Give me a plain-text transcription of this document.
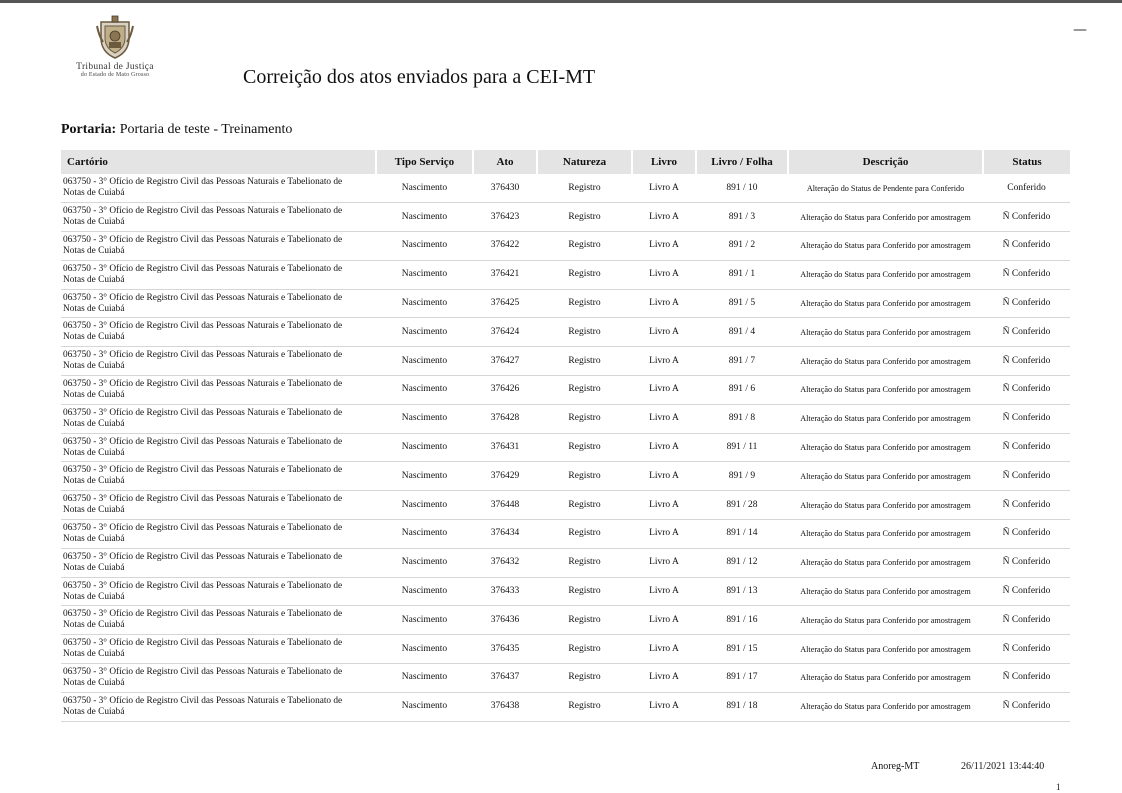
—
Tribunal de Justiça
do Estado de Mato Grosso	Correição dos atos enviados para a CEI-MT
Portaria: Portaria de teste - Treinamento
Cartório	Tipo Serviço	Ato	Natureza	Livro	Livro / Folha	Descrição	Status
063750 - 3° Ofício de Registro Civil das Pessoas Naturais e Tabelionato de Notas de Cuiabá	Nascimento	376430	Registro	Livro A	891 / 10	Alteração do Status de Pendente para Conferido	Conferido
063750 - 3° Ofício de Registro Civil das Pessoas Naturais e Tabelionato de Notas de Cuiabá	Nascimento	376423	Registro	Livro A	891 / 3	Alteração do Status para Conferido por amostragem	Ñ Conferido
063750 - 3° Ofício de Registro Civil das Pessoas Naturais e Tabelionato de Notas de Cuiabá	Nascimento	376422	Registro	Livro A	891 / 2	Alteração do Status para Conferido por amostragem	Ñ Conferido
063750 - 3° Ofício de Registro Civil das Pessoas Naturais e Tabelionato de Notas de Cuiabá	Nascimento	376421	Registro	Livro A	891 / 1	Alteração do Status para Conferido por amostragem	Ñ Conferido
063750 - 3° Ofício de Registro Civil das Pessoas Naturais e Tabelionato de Notas de Cuiabá	Nascimento	376425	Registro	Livro A	891 / 5	Alteração do Status para Conferido por amostragem	Ñ Conferido
063750 - 3° Ofício de Registro Civil das Pessoas Naturais e Tabelionato de Notas de Cuiabá	Nascimento	376424	Registro	Livro A	891 / 4	Alteração do Status para Conferido por amostragem	Ñ Conferido
063750 - 3° Ofício de Registro Civil das Pessoas Naturais e Tabelionato de Notas de Cuiabá	Nascimento	376427	Registro	Livro A	891 / 7	Alteração do Status para Conferido por amostragem	Ñ Conferido
063750 - 3° Ofício de Registro Civil das Pessoas Naturais e Tabelionato de Notas de Cuiabá	Nascimento	376426	Registro	Livro A	891 / 6	Alteração do Status para Conferido por amostragem	Ñ Conferido
063750 - 3° Ofício de Registro Civil das Pessoas Naturais e Tabelionato de Notas de Cuiabá	Nascimento	376428	Registro	Livro A	891 / 8	Alteração do Status para Conferido por amostragem	Ñ Conferido
063750 - 3° Ofício de Registro Civil das Pessoas Naturais e Tabelionato de Notas de Cuiabá	Nascimento	376431	Registro	Livro A	891 / 11	Alteração do Status para Conferido por amostragem	Ñ Conferido
063750 - 3° Ofício de Registro Civil das Pessoas Naturais e Tabelionato de Notas de Cuiabá	Nascimento	376429	Registro	Livro A	891 / 9	Alteração do Status para Conferido por amostragem	Ñ Conferido
063750 - 3° Ofício de Registro Civil das Pessoas Naturais e Tabelionato de Notas de Cuiabá	Nascimento	376448	Registro	Livro A	891 / 28	Alteração do Status para Conferido por amostragem	Ñ Conferido
063750 - 3° Ofício de Registro Civil das Pessoas Naturais e Tabelionato de Notas de Cuiabá	Nascimento	376434	Registro	Livro A	891 / 14	Alteração do Status para Conferido por amostragem	Ñ Conferido
063750 - 3° Ofício de Registro Civil das Pessoas Naturais e Tabelionato de Notas de Cuiabá	Nascimento	376432	Registro	Livro A	891 / 12	Alteração do Status para Conferido por amostragem	Ñ Conferido
063750 - 3° Ofício de Registro Civil das Pessoas Naturais e Tabelionato de Notas de Cuiabá	Nascimento	376433	Registro	Livro A	891 / 13	Alteração do Status para Conferido por amostragem	Ñ Conferido
063750 - 3° Ofício de Registro Civil das Pessoas Naturais e Tabelionato de Notas de Cuiabá	Nascimento	376436	Registro	Livro A	891 / 16	Alteração do Status para Conferido por amostragem	Ñ Conferido
063750 - 3° Ofício de Registro Civil das Pessoas Naturais e Tabelionato de Notas de Cuiabá	Nascimento	376435	Registro	Livro A	891 / 15	Alteração do Status para Conferido por amostragem	Ñ Conferido
063750 - 3° Ofício de Registro Civil das Pessoas Naturais e Tabelionato de Notas de Cuiabá	Nascimento	376437	Registro	Livro A	891 / 17	Alteração do Status para Conferido por amostragem	Ñ Conferido
063750 - 3° Ofício de Registro Civil das Pessoas Naturais e Tabelionato de Notas de Cuiabá	Nascimento	376438	Registro	Livro A	891 / 18	Alteração do Status para Conferido por amostragem	Ñ Conferido
Anoreg-MT	26/11/2021 13:44:40
1
